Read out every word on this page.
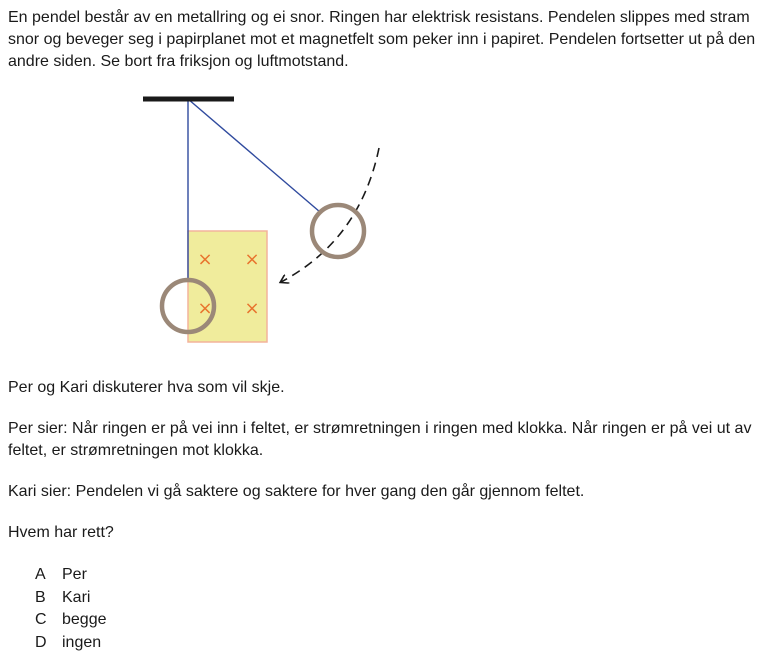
En pendel består av en metallring og ei snor. Ringen har elektrisk resistans. Pendelen slippes med stram snor og beveger seg i papirplanet mot et magnetfelt som peker inn i papiret. Pendelen fortsetter ut på den andre siden. Se bort fra friksjon og luftmotstand.

× ×
× ×

Per og Kari diskuterer hva som vil skje.

Per sier: Når ringen er på vei inn i feltet, er strømretningen i ringen med klokka. Når ringen er på vei ut av feltet, er strømretningen mot klokka.

Kari sier: Pendelen vi gå saktere og saktere for hver gang den går gjennom feltet.

Hvem har rett?

A	Per
B	Kari
C begge
D ingen
